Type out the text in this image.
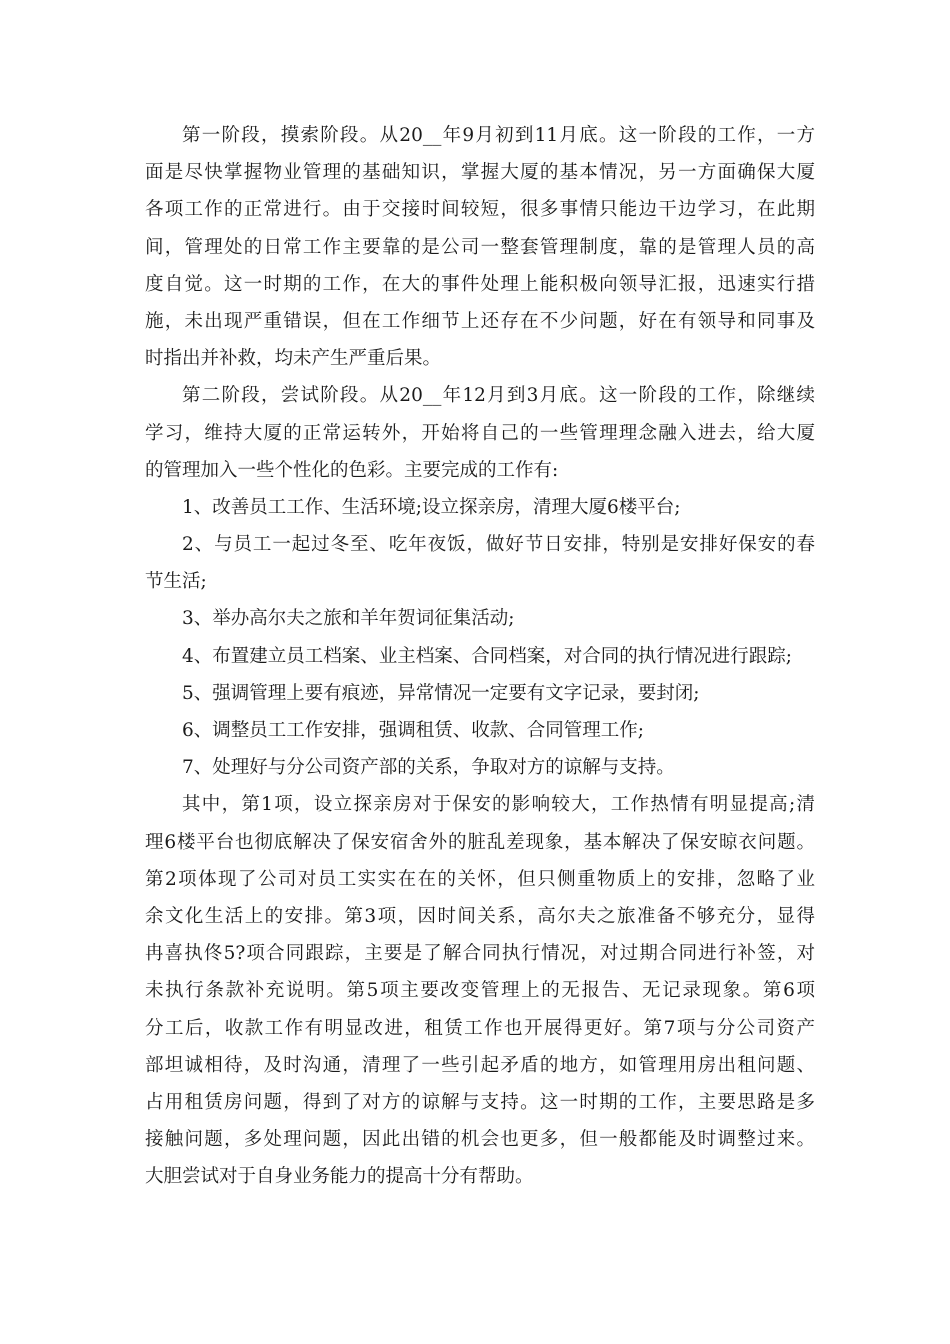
第一阶段，摸索阶段。从20__年9月初到11月底。这一阶段的工作，一方
面是尽快掌握物业管理的基础知识，掌握大厦的基本情况，另一方面确保大厦
各项工作的正常进行。由于交接时间较短，很多事情只能边干边学习，在此期
间，管理处的日常工作主要靠的是公司一整套管理制度，靠的是管理人员的高
度自觉。这一时期的工作，在大的事件处理上能积极向领导汇报，迅速实行措
施，未出现严重错误，但在工作细节上还存在不少问题，好在有领导和同事及
时指出并补救，均未产生严重后果。
第二阶段，尝试阶段。从20__年12月到3月底。这一阶段的工作，除继续
学习，维持大厦的正常运转外，开始将自己的一些管理理念融入进去，给大厦
的管理加入一些个性化的色彩。主要完成的工作有:
1、改善员工工作、生活环境;设立探亲房，清理大厦6楼平台;
2、与员工一起过冬至、吃年夜饭，做好节日安排，特别是安排好保安的春
节生活;
3、举办高尔夫之旅和羊年贺词征集活动;
4、布置建立员工档案、业主档案、合同档案，对合同的执行情况进行跟踪;
5、强调管理上要有痕迹，异常情况一定要有文字记录，要封闭;
6、调整员工工作安排，强调租赁、收款、合同管理工作;
7、处理好与分公司资产部的关系，争取对方的谅解与支持。
其中，第1项，设立探亲房对于保安的影响较大，工作热情有明显提高;清
理6楼平台也彻底解决了保安宿舍外的脏乱差现象，基本解决了保安晾衣问题。
第2项体现了公司对员工实实在在的关怀，但只侧重物质上的安排，忽略了业
余文化生活上的安排。第3项，因时间关系，高尔夫之旅准备不够充分，显得
冉喜执佟5?项合同跟踪，主要是了解合同执行情况，对过期合同进行补签，对
未执行条款补充说明。第5项主要改变管理上的无报告、无记录现象。第6项
分工后，收款工作有明显改进，租赁工作也开展得更好。第7项与分公司资产
部坦诚相待，及时沟通，清理了一些引起矛盾的地方，如管理用房出租问题、
占用租赁房问题，得到了对方的谅解与支持。这一时期的工作，主要思路是多
接触问题，多处理问题，因此出错的机会也更多，但一般都能及时调整过来。
大胆尝试对于自身业务能力的提高十分有帮助。
